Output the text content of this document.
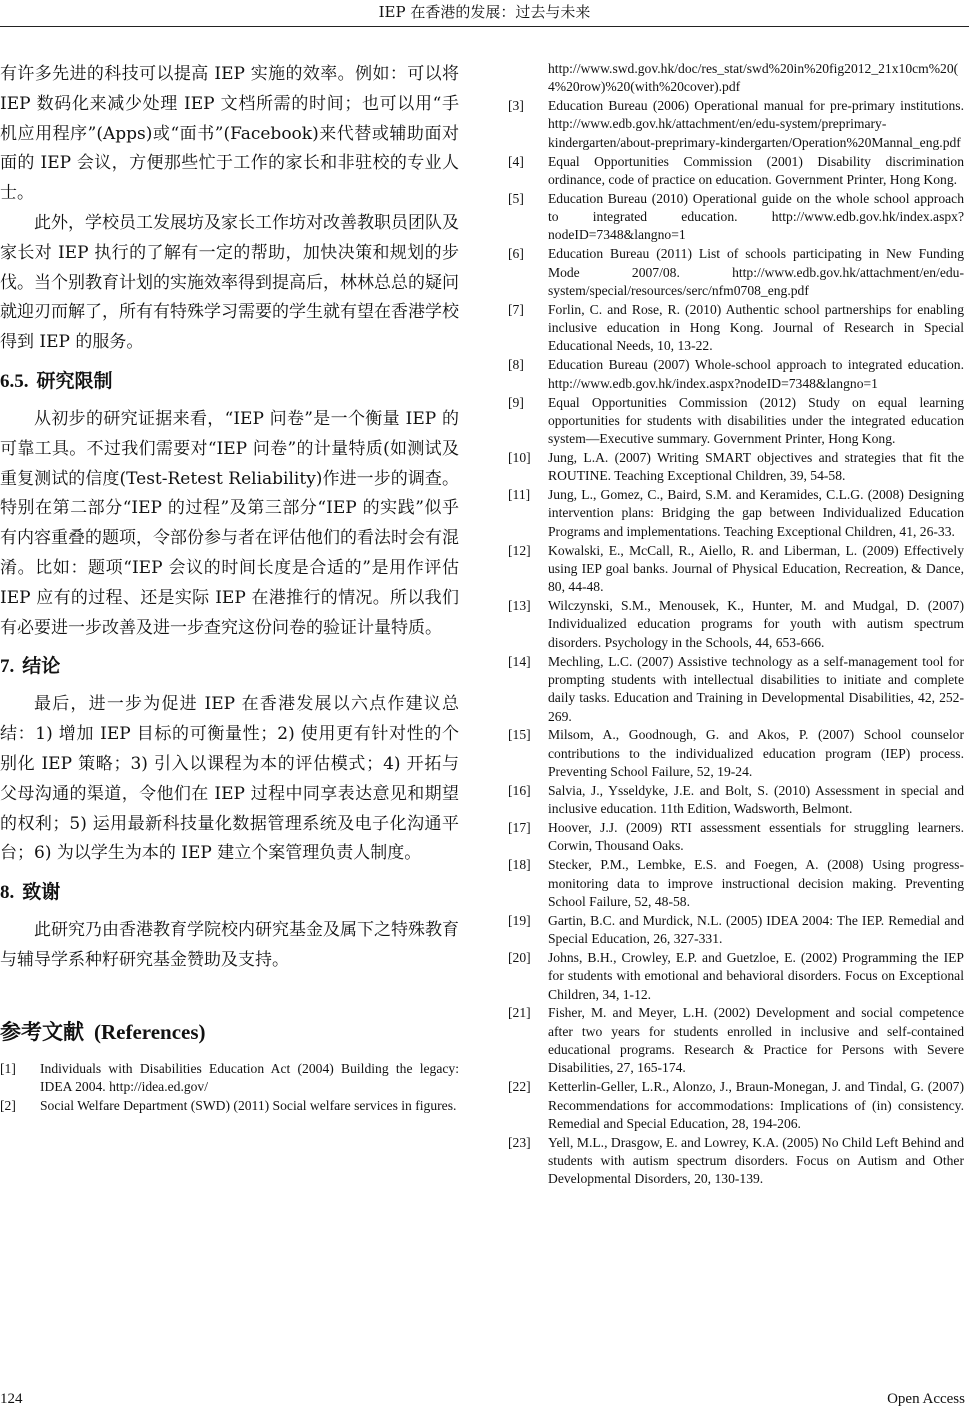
IEP 在香港的发展：过去与未来

有许多先进的科技可以提高 IEP 实施的效率。例如：可以将 IEP 数码化来减少处理 IEP 文档所需的时间；也可以用“手机应用程序”(Apps)或“面书”(Facebook)来代替或辅助面对面的 IEP 会议，方便那些忙于工作的家长和非驻校的专业人士。

此外，学校员工发展坊及家长工作坊对改善教职员团队及家长对 IEP 执行的了解有一定的帮助，加快决策和规划的步伐。当个别教育计划的实施效率得到提高后，林林总总的疑问就迎刃而解了，所有有特殊学习需要的学生就有望在香港学校得到 IEP 的服务。

6.5. 研究限制

从初步的研究证据来看，“IEP 问卷”是一个衡量 IEP 的可靠工具。不过我们需要对“IEP 问卷”的计量特质(如测试及重复测试的信度(Test-Retest Reliability)作进一步的调查。特别在第二部分“IEP 的过程”及第三部分“IEP 的实践”似乎有内容重叠的题项，令部份参与者在评估他们的看法时会有混淆。比如：题项“IEP 会议的时间长度是合适的”是用作评估 IEP 应有的过程、还是实际 IEP 在港推行的情况。所以我们有必要进一步改善及进一步查究这份问卷的验证计量特质。

7. 结论

最后，进一步为促进 IEP 在香港发展以六点作建议总结：1) 增加 IEP 目标的可衡量性；2) 使用更有针对性的个别化 IEP 策略；3) 引入以课程为本的评估模式；4) 开拓与父母沟通的渠道，令他们在 IEP 过程中同享表达意见和期望的权利；5) 运用最新科技量化数据管理系统及电子化沟通平台；6) 为以学生为本的 IEP 建立个案管理负责人制度。

8. 致谢

此研究乃由香港教育学院校内研究基金及属下之特殊教育与辅导学系种籽研究基金赞助及支持。

参考文献 (References)
[1] Individuals with Disabilities Education Act (2004) Building the legacy: IDEA 2004. http://idea.ed.gov/
[2] Social Welfare Department (SWD) (2011) Social welfare services in figures.
http://www.swd.gov.hk/doc/res_stat/swd%20in%20fig2012_21x10cm%20(4%20row)%20(with%20cover).pdf
[3] Education Bureau (2006) Operational manual for pre-primary institutions. http://www.edb.gov.hk/attachment/en/edu-system/preprimary-kindergarten/about-preprimary-kindergarten/Operation%20Mannal_eng.pdf
[4] Equal Opportunities Commission (2001) Disability discrimination ordinance, code of practice on education. Government Printer, Hong Kong.
[5] Education Bureau (2010) Operational guide on the whole school approach to integrated education. http://www.edb.gov.hk/index.aspx?nodeID=7348&langno=1
[6] Education Bureau (2011) List of schools participating in New Funding Mode 2007/08. http://www.edb.gov.hk/attachment/en/edu-system/special/resources/serc/nfm0708_eng.pdf
[7] Forlin, C. and Rose, R. (2010) Authentic school partnerships for enabling inclusive education in Hong Kong. Journal of Research in Special Educational Needs, 10, 13-22.
[8] Education Bureau (2007) Whole-school approach to integrated education. http://www.edb.gov.hk/index.aspx?nodeID=7348&langno=1
[9] Equal Opportunities Commission (2012) Study on equal learning opportunities for students with disabilities under the integrated education system—Executive summary. Government Printer, Hong Kong.
[10] Jung, L.A. (2007) Writing SMART objectives and strategies that fit the ROUTINE. Teaching Exceptional Children, 39, 54-58.
[11] Jung, L., Gomez, C., Baird, S.M. and Keramides, C.L.G. (2008) Designing intervention plans: Bridging the gap between Individualized Education Programs and implementations. Teaching Exceptional Children, 41, 26-33.
[12] Kowalski, E., McCall, R., Aiello, R. and Liberman, L. (2009) Effectively using IEP goal banks. Journal of Physical Education, Recreation, & Dance, 80, 44-48.
[13] Wilczynski, S.M., Menousek, K., Hunter, M. and Mudgal, D. (2007) Individualized education programs for youth with autism spectrum disorders. Psychology in the Schools, 44, 653-666.
[14] Mechling, L.C. (2007) Assistive technology as a self-management tool for prompting students with intellectual disabilities to initiate and complete daily tasks. Education and Training in Developmental Disabilities, 42, 252-269.
[15] Milsom, A., Goodnough, G. and Akos, P. (2007) School counselor contributions to the individualized education program (IEP) process. Preventing School Failure, 52, 19-24.
[16] Salvia, J., Ysseldyke, J.E. and Bolt, S. (2010) Assessment in special and inclusive education. 11th Edition, Wadsworth, Belmont.
[17] Hoover, J.J. (2009) RTI assessment essentials for struggling learners. Corwin, Thousand Oaks.
[18] Stecker, P.M., Lembke, E.S. and Foegen, A. (2008) Using progress-monitoring data to improve instructional decision making. Preventing School Failure, 52, 48-58.
[19] Gartin, B.C. and Murdick, N.L. (2005) IDEA 2004: The IEP. Remedial and Special Education, 26, 327-331.
[20] Johns, B.H., Crowley, E.P. and Guetzloe, E. (2002) Programming the IEP for students with emotional and behavioral disorders. Focus on Exceptional Children, 34, 1-12.
[21] Fisher, M. and Meyer, L.H. (2002) Development and social competence after two years for students enrolled in inclusive and self-contained educational programs. Research & Practice for Persons with Severe Disabilities, 27, 165-174.
[22] Ketterlin-Geller, L.R., Alonzo, J., Braun-Monegan, J. and Tindal, G. (2007) Recommendations for accommodations: Implications of (in) consistency. Remedial and Special Education, 28, 194-206.
[23] Yell, M.L., Drasgow, E. and Lowrey, K.A. (2005) No Child Left Behind and students with autism spectrum disorders. Focus on Autism and Other Developmental Disorders, 20, 130-139.
124	Open Access
